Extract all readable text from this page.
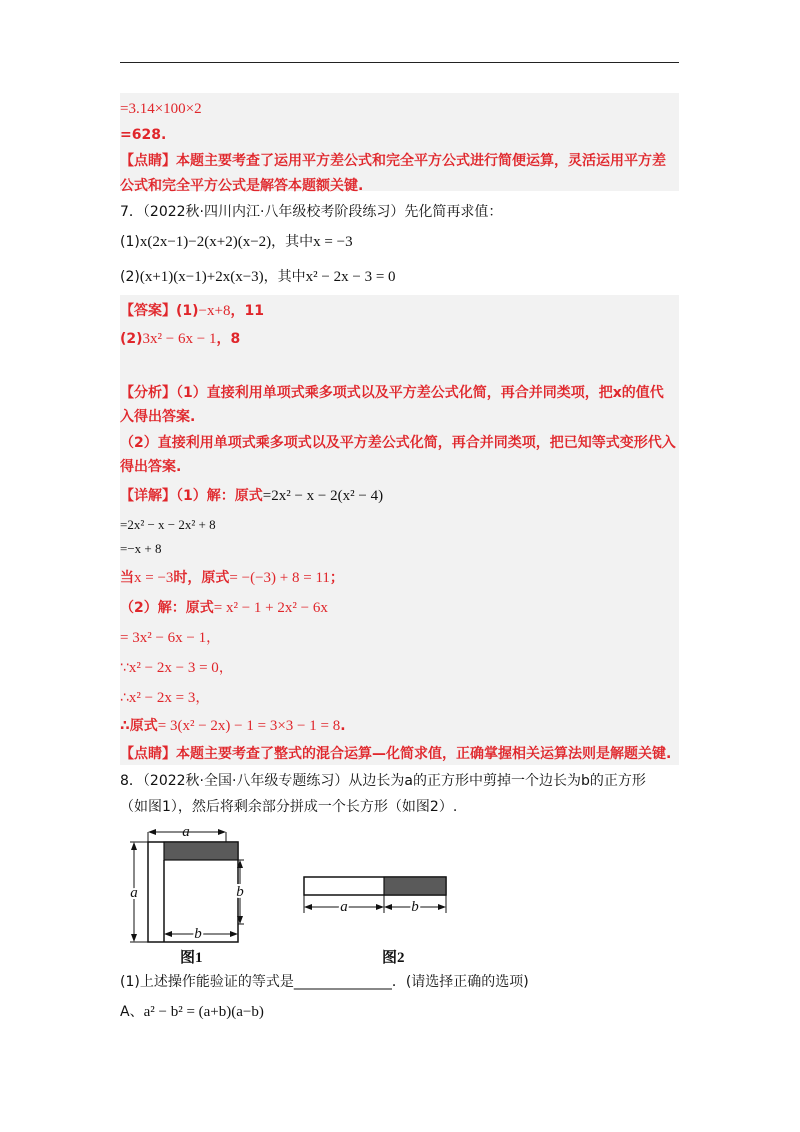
=3.14×100×2
=628.
【点睛】本题主要考查了运用平方差公式和完全平方公式进行简便运算，灵活运用平方差
公式和完全平方公式是解答本题额关键.
7．（2022秋·四川内江·八年级校考阶段练习）先化简再求值：
(1)x(2x−1)−2(x+2)(x−2)，其中x = −3
(2)(x+1)(x−1)+2x(x−3)，其中x² − 2x − 3 = 0
【答案】(1)−x+8，11
(2)3x² − 6x − 1，8
【分析】（1）直接利用单项式乘多项式以及平方差公式化简，再合并同类项，把x的值代
入得出答案.
（2）直接利用单项式乘多项式以及平方差公式化简，再合并同类项，把已知等式变形代入
得出答案.
【详解】（1）解：原式=2x² − x − 2(x² − 4)
=2x² − x − 2x² + 8
=−x + 8
当x = −3时，原式= −(−3) + 8 = 11；
（2）解：原式= x² − 1 + 2x² − 6x
= 3x² − 6x − 1，
∵x² − 2x − 3 = 0，
∴x² − 2x = 3，
∴原式= 3(x² − 2x) − 1 = 3×3 − 1 = 8.
【点睛】本题主要考查了整式的混合运算—化简求值，正确掌握相关运算法则是解题关键.
8．（2022秋·全国·八年级专题练习）从边长为a的正方形中剪掉一个边长为b的正方形
（如图1），然后将剩余部分拼成一个长方形（如图2）.
a
a	b
b
图1
a	b
图2
(1)上述操作能验证的等式是______________．(请选择正确的选项)
A、a² − b² = (a+b)(a−b)
